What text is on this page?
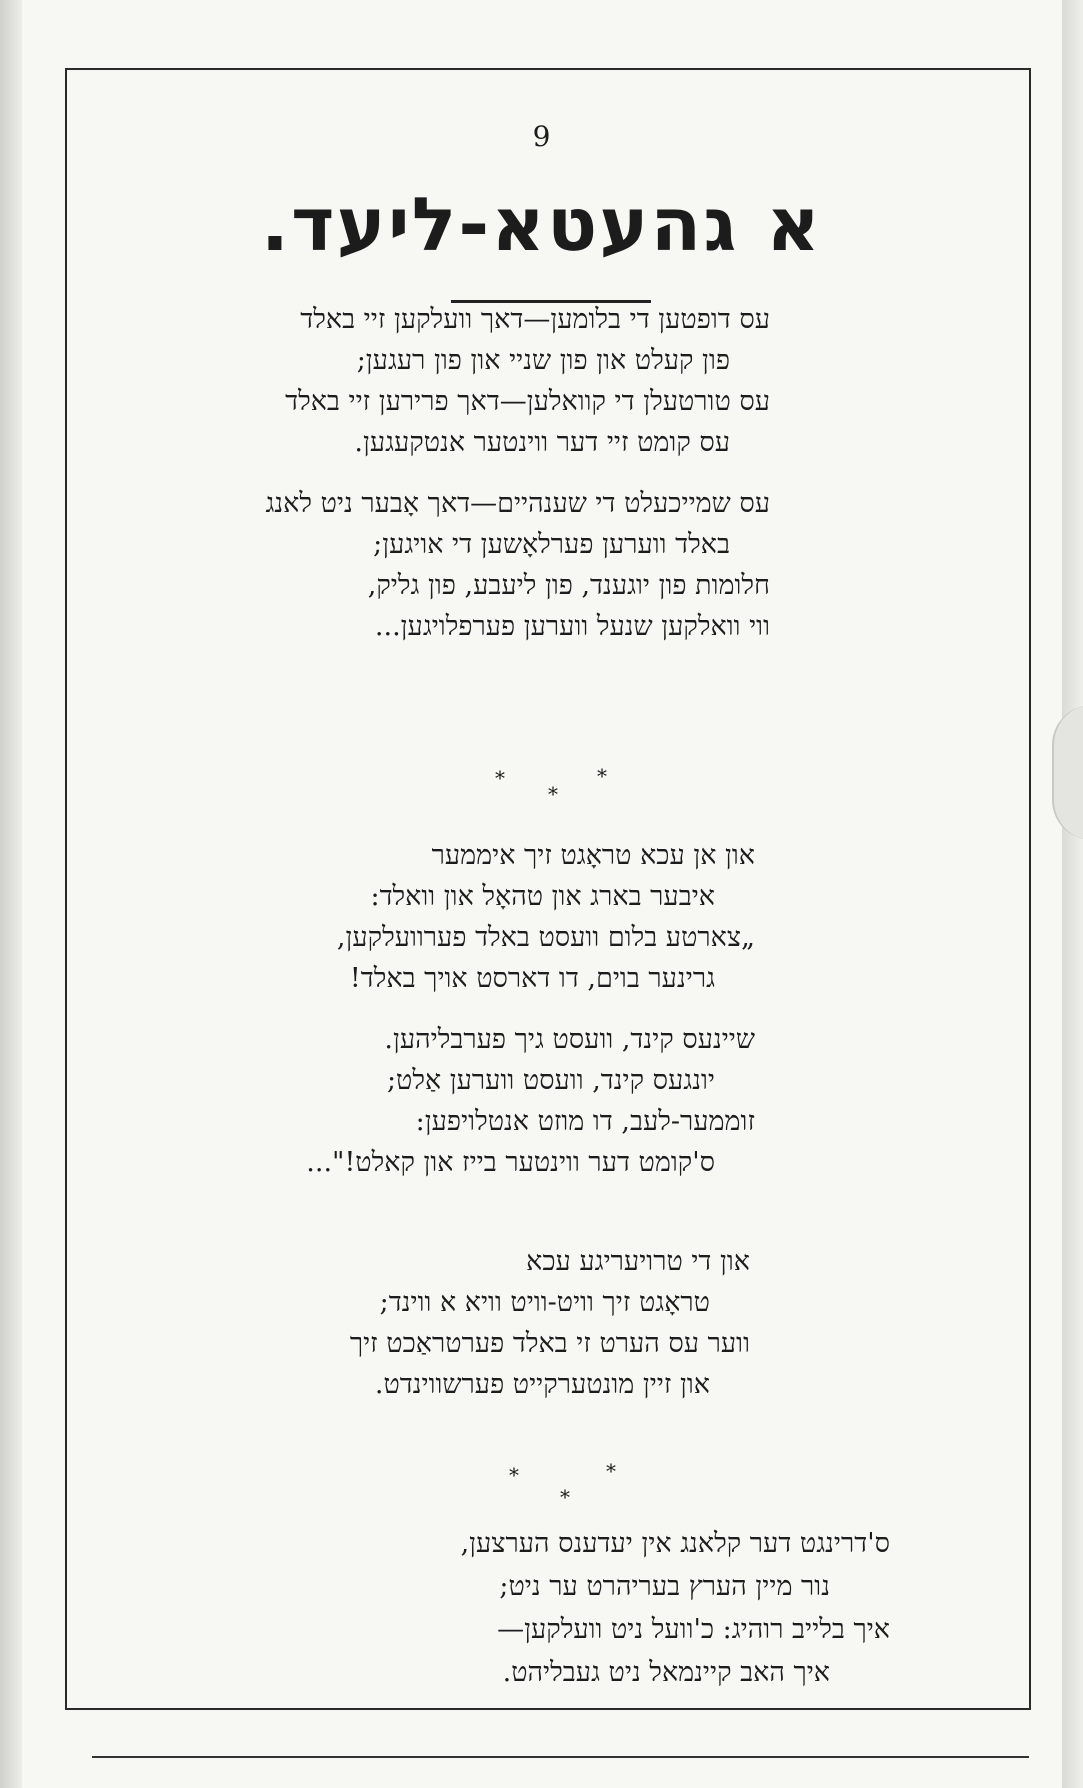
9
א גהעטא-ליעד.
עס דופטען די בלומען—דאך וועלקען זיי באלד
פון קעלט און פון שניי און פון רעגען;
עס טורטעלן די קוואלען—דאך פרירען זיי באלד
עס קומט זיי דער ווינטער אנטקעגען.
עס שמייכעלט די שענהיים—דאך אָבער ניט לאנג
באלד ווערען פערלאָשען די אויגען;
חלומות פון יוגענד, פון ליעבע, פון גליק,
ווי וואלקען שנעל ווערען פערפלויגען...
*
*
*
און אן עכא טראָגט זיך איממער
איבער בארג און טהאָל און וואלד:
„צארטע בלום וועסט באלד פערוועלקען,
גרינער בוים, דו דארסט אויך באלד!
שיינעס קינד, וועסט גיך פערבליהען.
יונגעס קינד, וועסט ווערען אַלט;
זוממער-לעב, דו מוזט אנטלויפען:
ס'קומט דער ווינטער בייז און קאלט!"...
און די טרויעריגע עכא
טראָגט זיך וויט-וויט וויא א ווינד;
ווער עס הערט זי באלד פערטראַכט זיך
און זיין מונטערקייט פערשווינדט.
*
*
*
ס'דרינגט דער קלאנג אין יעדענס הערצען,
נור מיין הערץ בעריהרט ער ניט;
איך בלייב רוהיג: כ'וועל ניט וועלקען—
איך האב קיינמאל ניט געבליהט.
